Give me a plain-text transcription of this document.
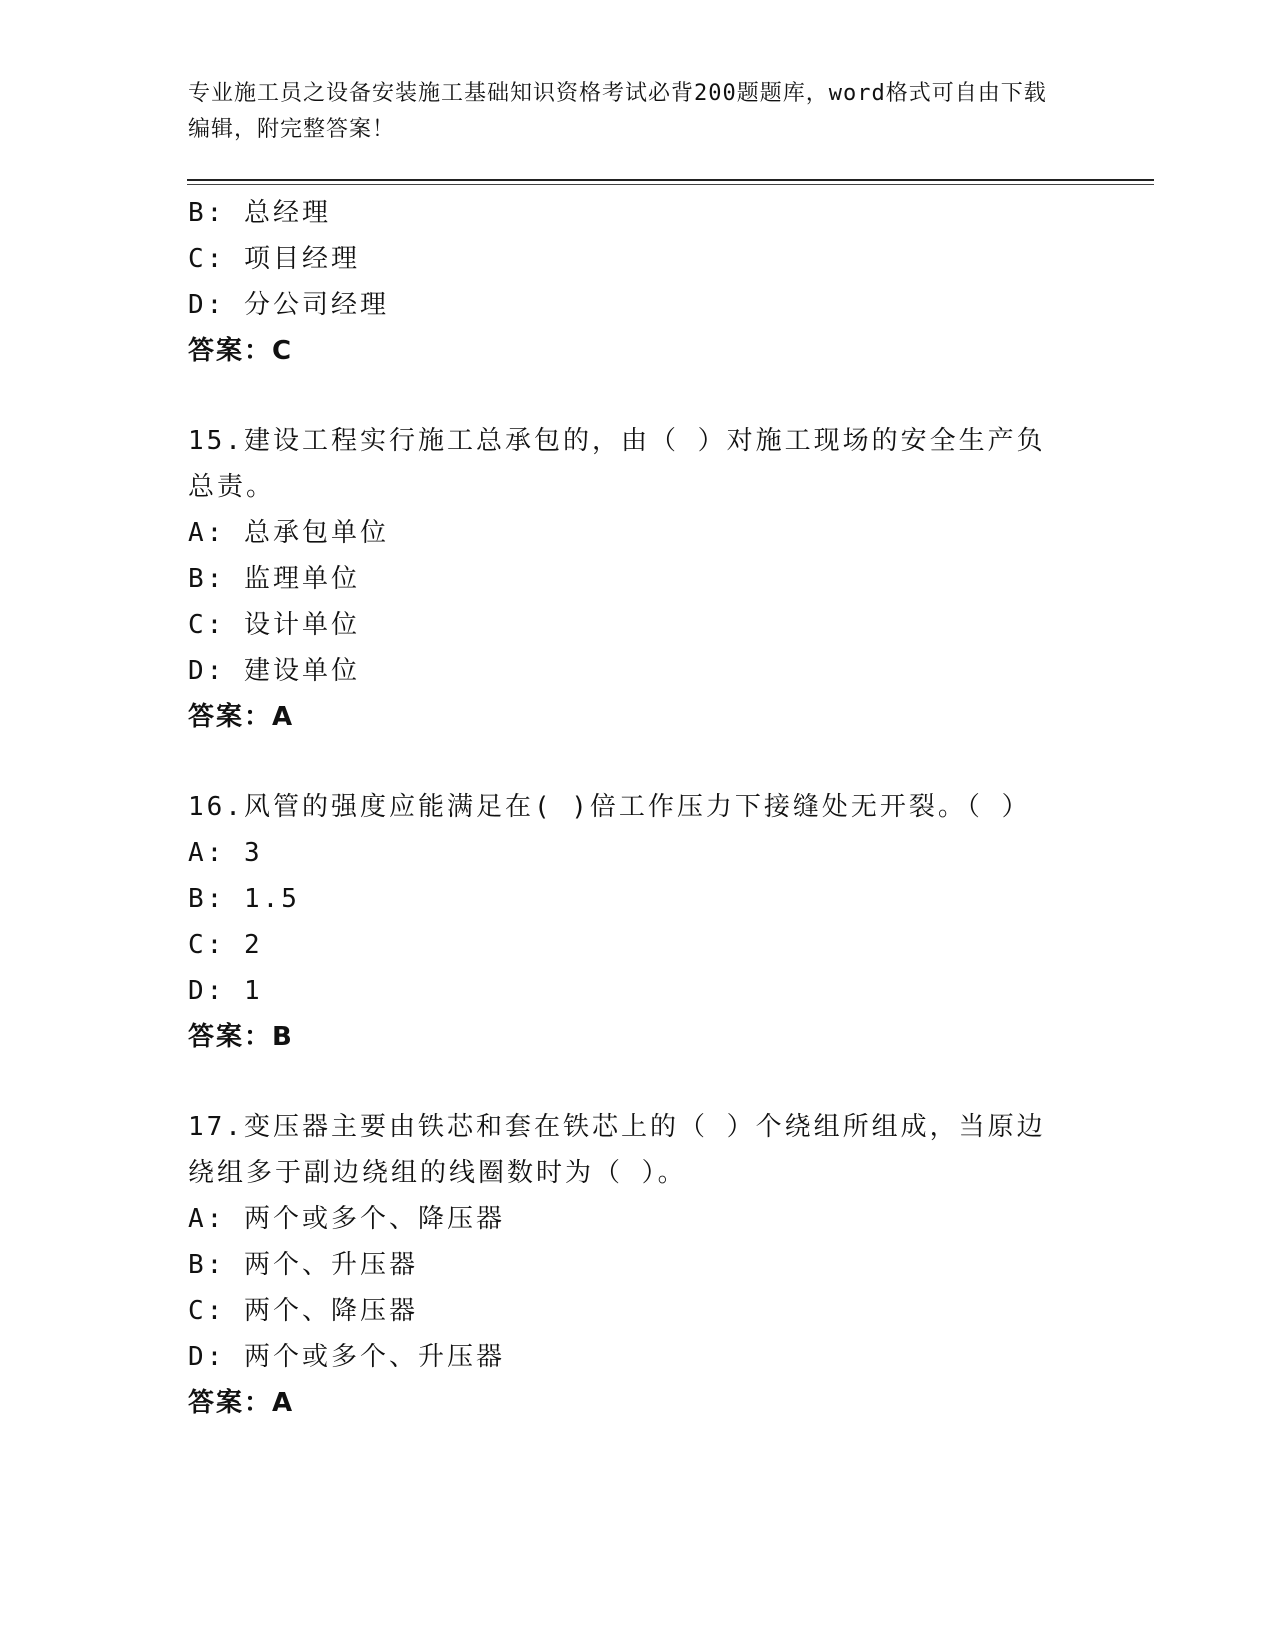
专业施工员之设备安装施工基础知识资格考试必背200题题库，word格式可自由下载编辑，附完整答案！
B: 总经理
C: 项目经理
D: 分公司经理
答案：C
15.建设工程实行施工总承包的，由（ ）对施工现场的安全生产负总责。
A: 总承包单位
B: 监理单位
C: 设计单位
D: 建设单位
答案：A
16.风管的强度应能满足在( )倍工作压力下接缝处无开裂。（ ）
A: 3
B: 1.5
C: 2
D: 1
答案：B
17.变压器主要由铁芯和套在铁芯上的（ ）个绕组所组成，当原边绕组多于副边绕组的线圈数时为（ ）。
A: 两个或多个、降压器
B: 两个、升压器
C: 两个、降压器
D: 两个或多个、升压器
答案：A
